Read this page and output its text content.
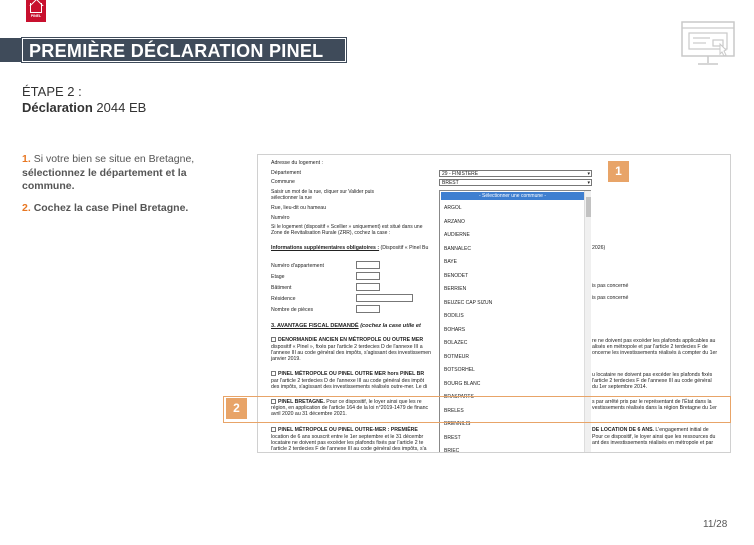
PINEL
PREMIÈRE DÉCLARATION PINEL
ÉTAPE 2 :
Déclaration 2044 EB
1. Si votre bien se situe en Bretagne, sélectionnez le département et la commune.
2. Cochez la case Pinel Bretagne.
Adresse du logement :
Département	29 - FINISTERE	▾
Commune	BREST	▾
Saisir un mot de la rue, cliquer sur Valider puis sélectionner la rue
Rue, lieu-dit ou hameau
Numéro
Si le logement (dispositif « Scellier » uniquement) est situé dans une Zone de Revitalisation Rurale (ZRR), cochez la case :
Informations supplémentaires obligatoires : (Dispositif « Pinel Bu	2026)
Numéro d'appartement
Etage
Bâtiment
Résidence
Nombre de pièces
is pas concerné
is pas concerné
3. AVANTAGE FISCAL DEMANDÉ (cochez la case utile et
DENORMANDIE ANCIEN EN MÉTROPOLE OU OUTRE MER
dispositif « Pinel », fixés par l'article 2 terdecies D de l'annexe III a
l'annexe III au code général des impôts, s'agissant des investissemen
janvier 2019.
re ne doivent pas excéder les plafonds applicables au
alisés en métropole et par l'article 2 terdecies F de
oncerne les investissements réalisés à compter du 1er
PINEL MÉTROPOLE OU PINEL OUTRE MER hors PINEL BR
par l'article 2 terdecies D de l'annexe III au code général des impôt
des impôts, s'agissant des investissements réalisés outre-mer. Le di
u locataire ne doivent pas excéder les plafonds fixés
l'article 2 terdecies F de l'annexe III au code général
du 1er septembre 2014.
PINEL BRETAGNE. Pour ce dispositif, le loyer ainsi que les re
région, en application de l'article 164 de la loi n°2019-1479 de financ
avril 2020 au 31 décembre 2021.
s par arrêté pris par le représentant de l'État dans la
vestissements réalisés dans la région Bretagne du 1er
PINEL MÉTROPOLE OU PINEL OUTRE-MER : PREMIÈRE
location de 6 ans souscrit entre le 1er septembre et le 31 décembr
locataire ne doivent pas excéder les plafonds fixés par l'article 2 te
l'article 2 terdecies F de l'annexe III au code général des impôts, s'a
DE LOCATION DE 6 ANS. L'engagement initial de
Pour ce dispositif, le loyer ainsi que les ressources du
ant des investissements réalisés en métropole et par
- Sélectionner une commune -
ARGOL
ARZANO
AUDIERNE
BANNALEC
BAYE
BENODET
BERRIEN
BEUZEC CAP SIZUN
BODILIS
BOHARS
BOLAZEC
BOTMEUR
BOTSORHEL
BOURG BLANC
BRASPARTS
BRELES
BRENNILIS
BREST
BRIEC
1
2
11/28
